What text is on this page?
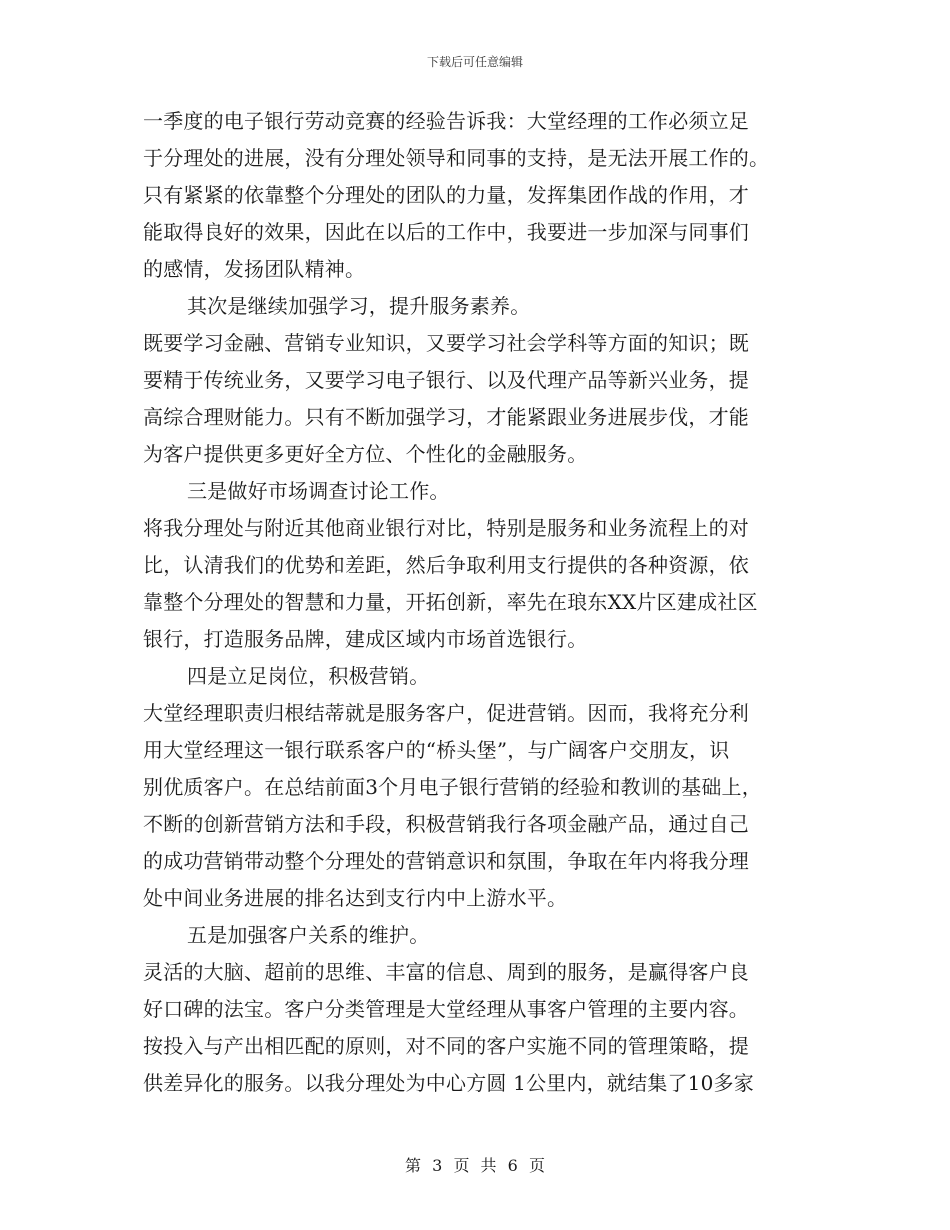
下载后可任意编辑
一季度的电子银行劳动竞赛的经验告诉我：大堂经理的工作必须立足
于分理处的进展，没有分理处领导和同事的支持，是无法开展工作的。
只有紧紧的依靠整个分理处的团队的力量，发挥集团作战的作用，才
能取得良好的效果，因此在以后的工作中，我要进一步加深与同事们
的感情，发扬团队精神。
其次是继续加强学习，提升服务素养。
既要学习金融、营销专业知识，又要学习社会学科等方面的知识；既
要精于传统业务，又要学习电子银行、以及代理产品等新兴业务，提
高综合理财能力。只有不断加强学习，才能紧跟业务进展步伐，才能
为客户提供更多更好全方位、个性化的金融服务。
三是做好市场调查讨论工作。
将我分理处与附近其他商业银行对比，特别是服务和业务流程上的对
比，认清我们的优势和差距，然后争取利用支行提供的各种资源，依
靠整个分理处的智慧和力量，开拓创新，率先在琅东XX片区建成社区
银行，打造服务品牌，建成区域内市场首选银行。
四是立足岗位，积极营销。
大堂经理职责归根结蒂就是服务客户，促进营销。因而，我将充分利
用大堂经理这一银行联系客户的“桥头堡”，与广阔客户交朋友，识
别优质客户。在总结前面3个月电子银行营销的经验和教训的基础上，
不断的创新营销方法和手段，积极营销我行各项金融产品，通过自己
的成功营销带动整个分理处的营销意识和氛围，争取在年内将我分理
处中间业务进展的排名达到支行内中上游水平。
五是加强客户关系的维护。
灵活的大脑、超前的思维、丰富的信息、周到的服务，是赢得客户良
好口碑的法宝。客户分类管理是大堂经理从事客户管理的主要内容。
按投入与产出相匹配的原则，对不同的客户实施不同的管理策略，提
供差异化的服务。以我分理处为中心方圆 1公里内，就结集了10多家
第 3 页 共 6 页
